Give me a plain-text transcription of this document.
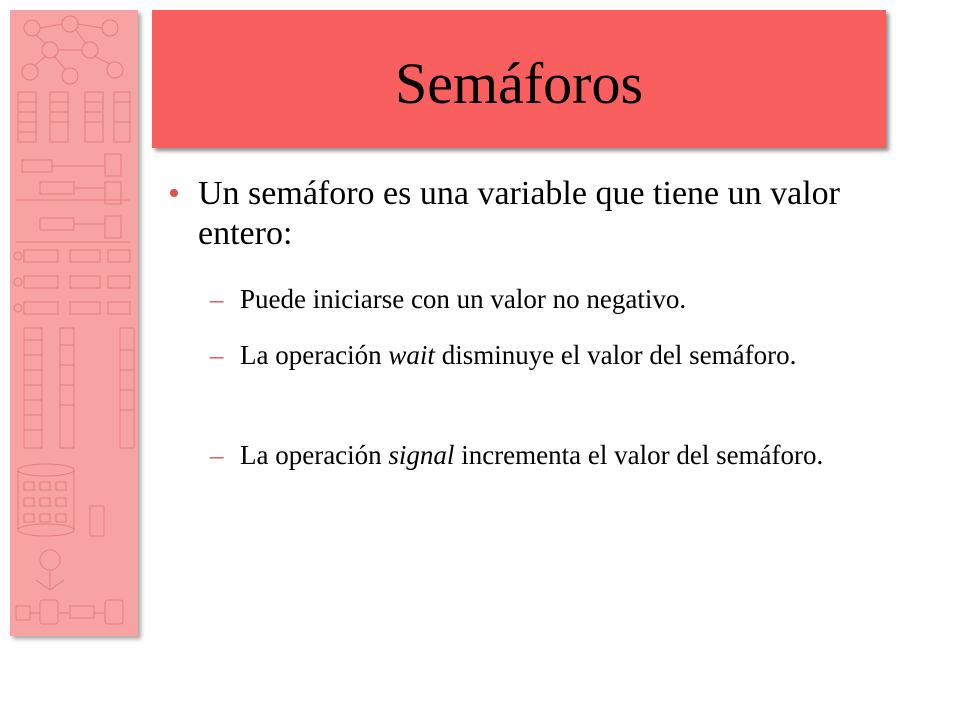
Semáforos
• Un semáforo es una variable que tiene un valor entero:
– Puede iniciarse con un valor no negativo.
– La operación wait disminuye el valor del semáforo.
– La operación signal incrementa el valor del semáforo.
